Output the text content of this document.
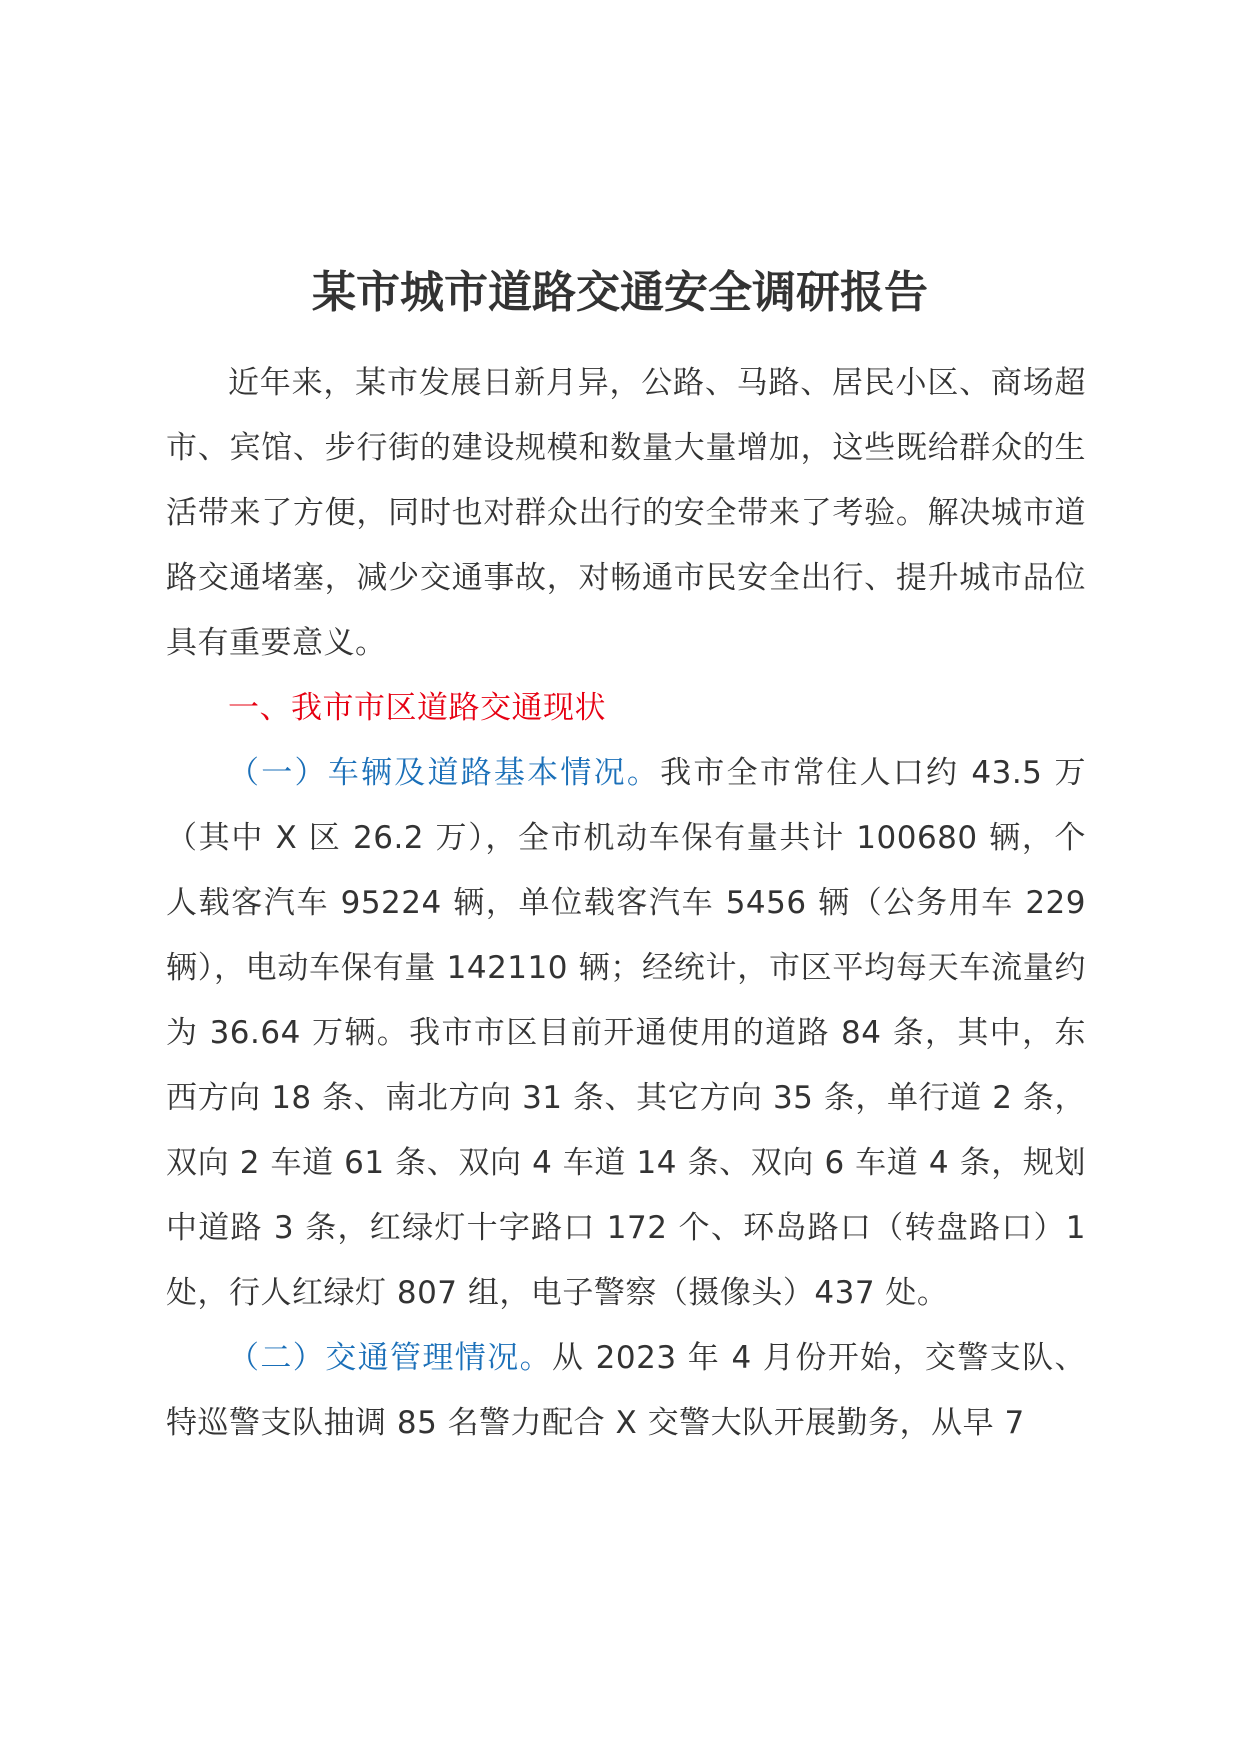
某市城市道路交通安全调研报告

近年来，某市发展日新月异，公路、马路、居民小区、商场超市、宾馆、步行街的建设规模和数量大量增加，这些既给群众的生活带来了方便，同时也对群众出行的安全带来了考验。解决城市道路交通堵塞，减少交通事故，对畅通市民安全出行、提升城市品位具有重要意义。

一、我市市区道路交通现状

（一）车辆及道路基本情况。我市全市常住人口约 43.5 万（其中 X 区 26.2 万），全市机动车保有量共计 100680 辆，个人载客汽车 95224 辆，单位载客汽车 5456 辆（公务用车 229 辆），电动车保有量 142110 辆；经统计，市区平均每天车流量约为 36.64 万辆。我市市区目前开通使用的道路 84 条，其中，东西方向 18 条、南北方向 31 条、其它方向 35 条，单行道 2 条，双向 2 车道 61 条、双向 4 车道 14 条、双向 6 车道 4 条，规划中道路 3 条，红绿灯十字路口 172 个、环岛路口（转盘路口）1 处，行人红绿灯 807 组，电子警察（摄像头）437 处。

（二）交通管理情况。从 2023 年 4 月份开始，交警支队、特巡警支队抽调 85 名警力配合 X 交警大队开展勤务，从早 7
